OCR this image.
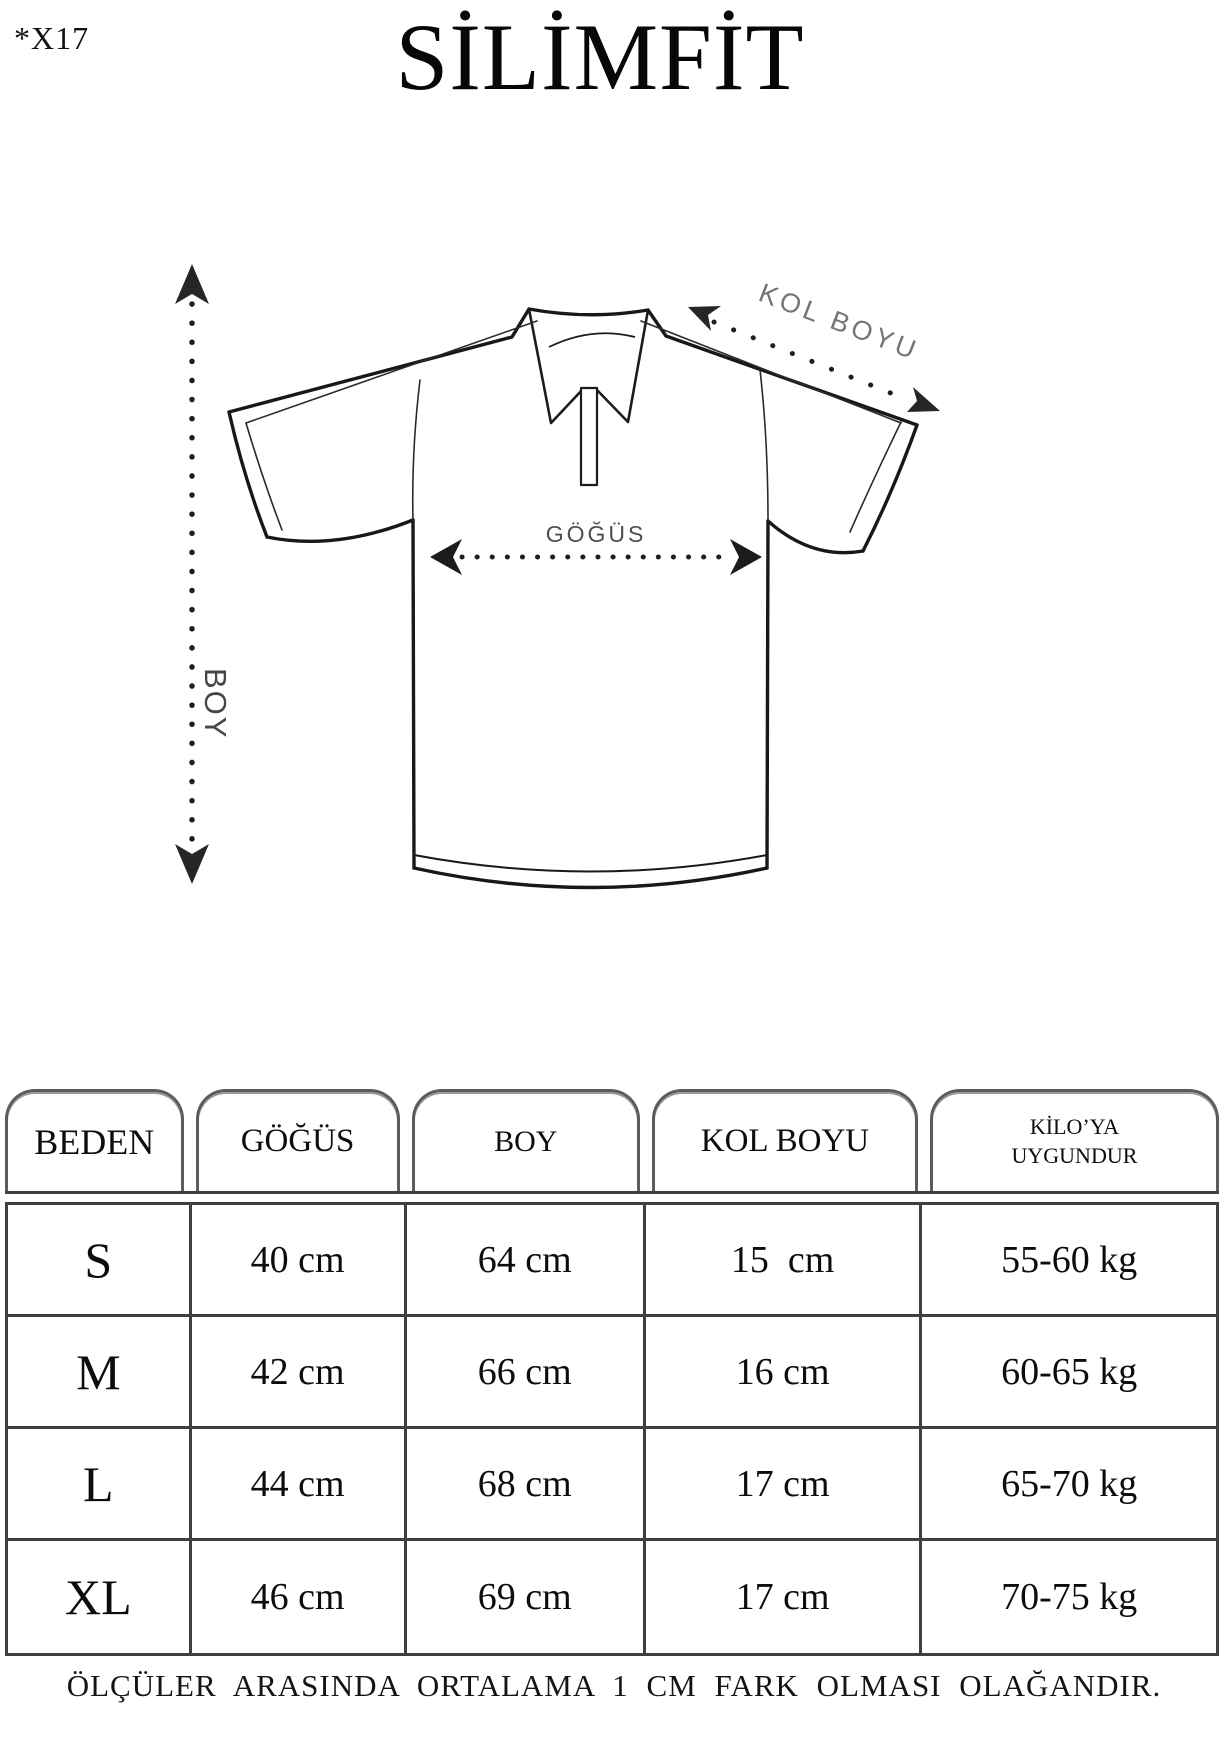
*X17	SİLİMFİT
BOY
KOL BOYU
GÖĞÜS
BEDEN	GÖĞÜS	BOY	KOL BOYU	KİLO’YA
UYGUNDUR
S	40 cm	64 cm	15  cm	55-60 kg
M	42 cm	66 cm	16 cm	60-65 kg
L	44 cm	68 cm	17 cm	65-70 kg
XL	46 cm	69 cm	17 cm	70-75 kg
ÖLÇÜLER ARASINDA ORTALAMA 1 CM FARK OLMASI OLAĞANDIR.
